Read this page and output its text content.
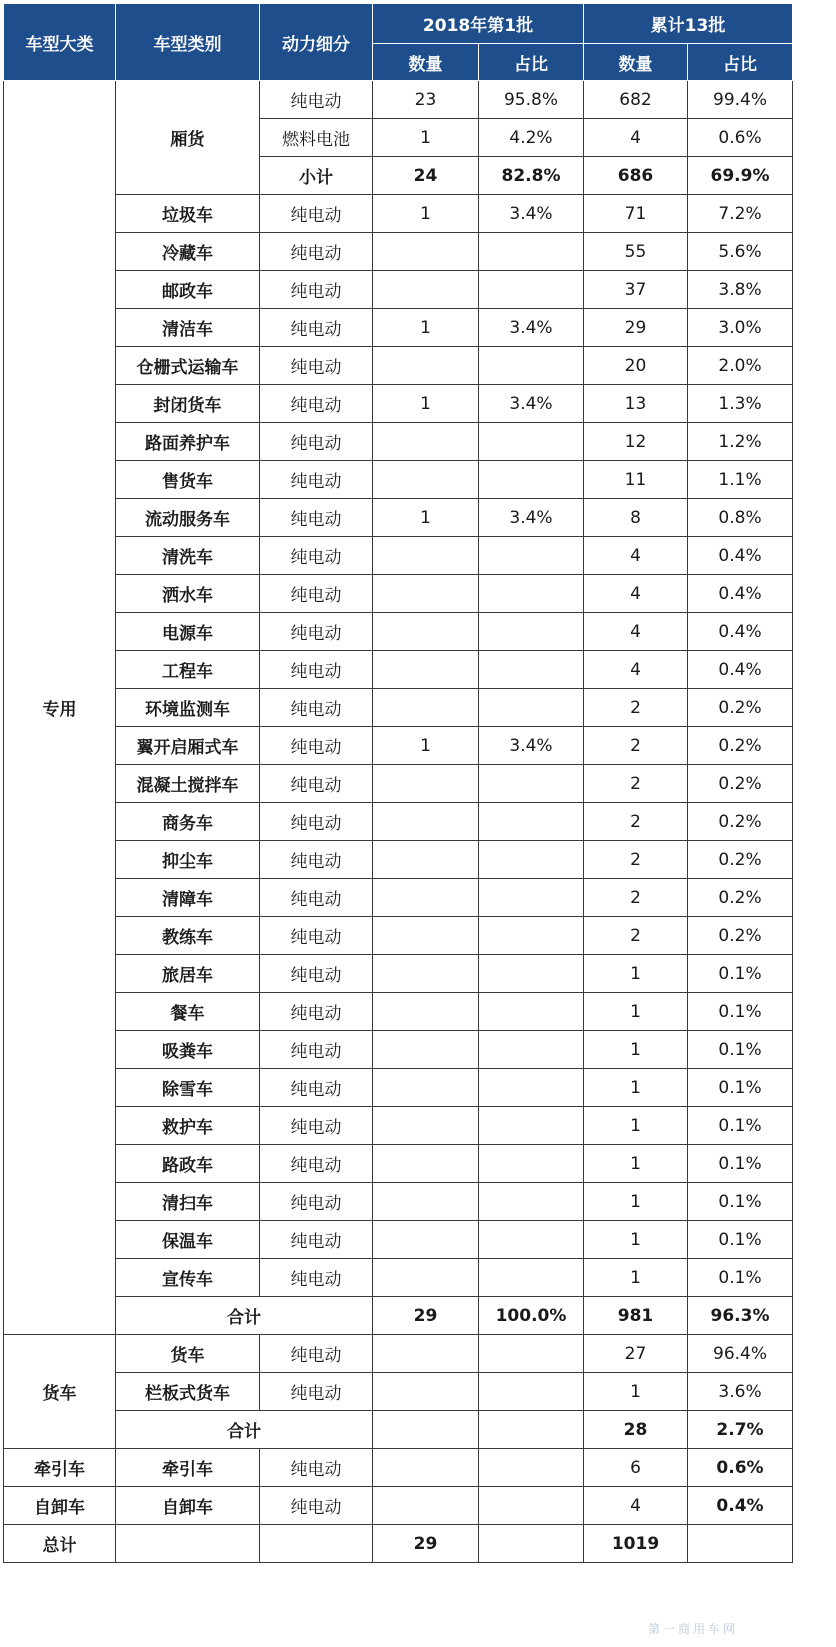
车型大类	车型类别	动力细分	2018年第1批		累计13批	
			数量	占比	数量	占比
专用	厢货	纯电动	23	95.8%	682	99.4%
		燃料电池	1	4.2%	4	0.6%
		小计	24	82.8%	686	69.9%
	垃圾车	纯电动	1	3.4%	71	7.2%
	冷藏车	纯电动			55	5.6%
	邮政车	纯电动			37	3.8%
	清洁车	纯电动	1	3.4%	29	3.0%
	仓栅式运输车	纯电动			20	2.0%
	封闭货车	纯电动	1	3.4%	13	1.3%
	路面养护车	纯电动			12	1.2%
	售货车	纯电动			11	1.1%
	流动服务车	纯电动	1	3.4%	8	0.8%
	清洗车	纯电动			4	0.4%
	洒水车	纯电动			4	0.4%
	电源车	纯电动			4	0.4%
	工程车	纯电动			4	0.4%
	环境监测车	纯电动			2	0.2%
	翼开启厢式车	纯电动	1	3.4%	2	0.2%
	混凝土搅拌车	纯电动			2	0.2%
	商务车	纯电动			2	0.2%
	抑尘车	纯电动			2	0.2%
	清障车	纯电动			2	0.2%
	教练车	纯电动			2	0.2%
	旅居车	纯电动			1	0.1%
	餐车	纯电动			1	0.1%
	吸粪车	纯电动			1	0.1%
	除雪车	纯电动			1	0.1%
	救护车	纯电动			1	0.1%
	路政车	纯电动			1	0.1%
	清扫车	纯电动			1	0.1%
	保温车	纯电动			1	0.1%
	宣传车	纯电动			1	0.1%
	合计		29	100.0%	981	96.3%
货车	货车	纯电动			27	96.4%
	栏板式货车	纯电动			1	3.6%
	合计				28	2.7%
牵引车	牵引车	纯电动			6	0.6%
自卸车	自卸车	纯电动			4	0.4%
总计			29		1019	
第一商用车网
